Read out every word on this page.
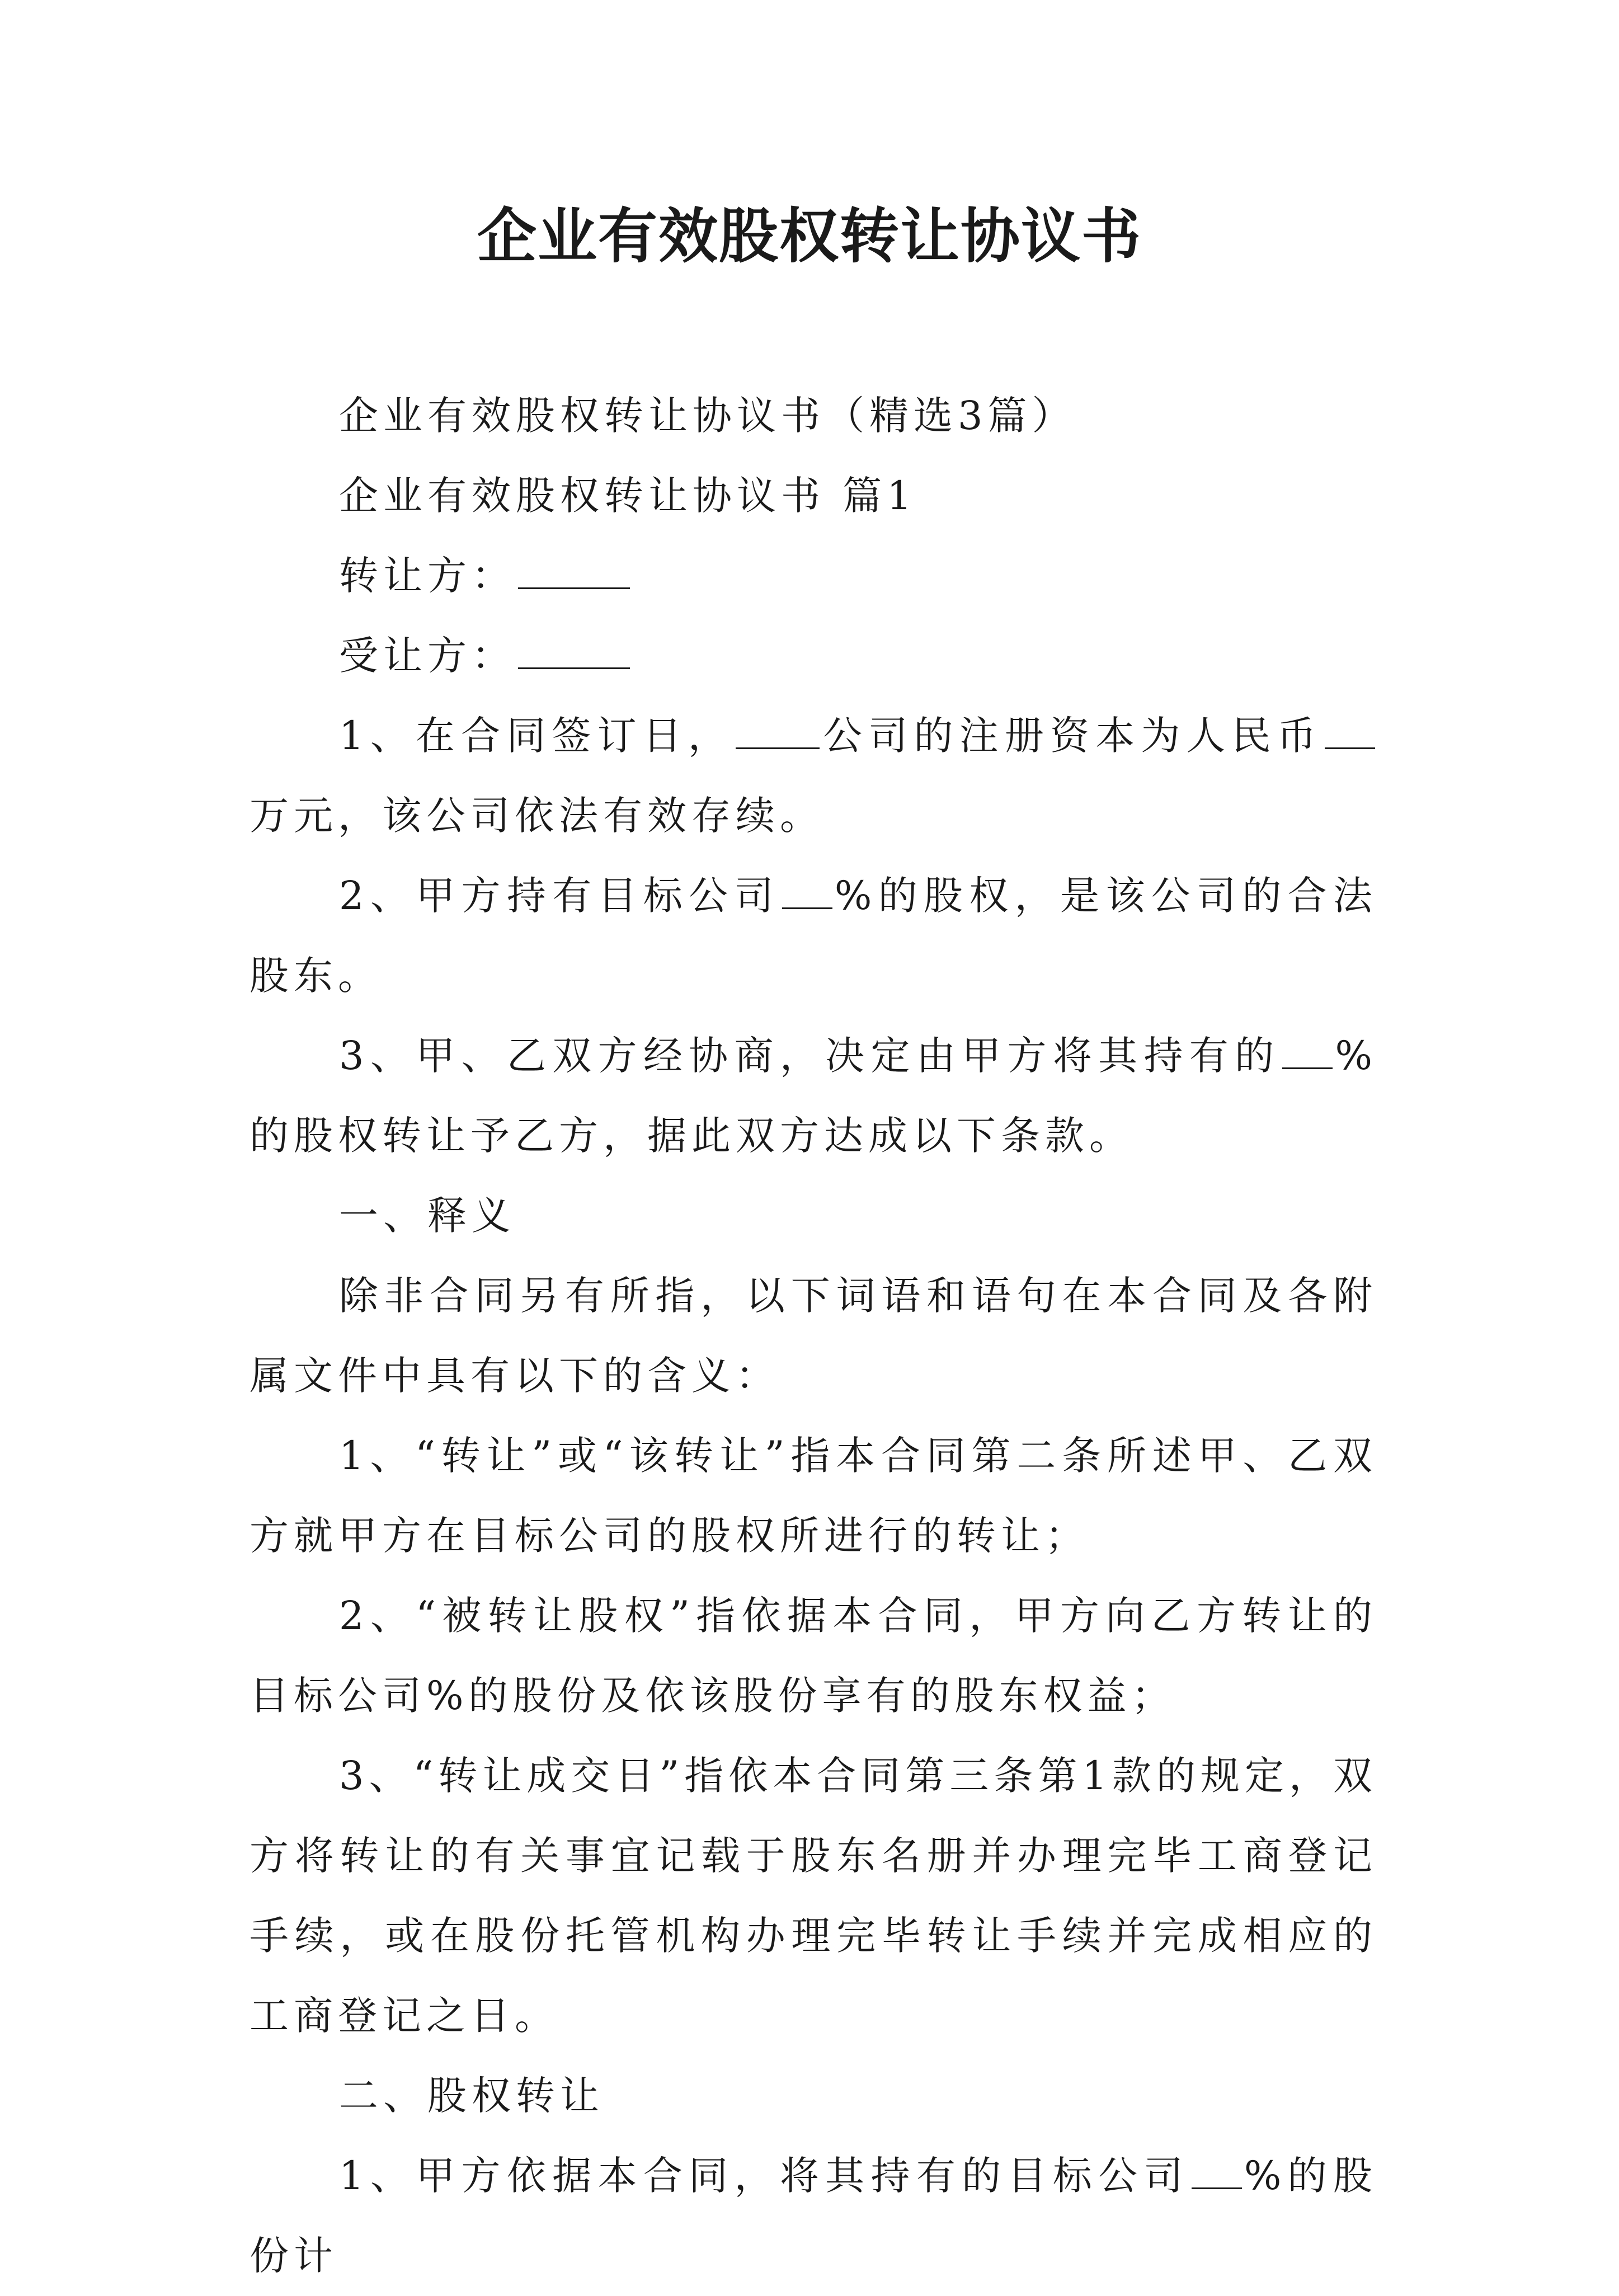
企业有效股权转让协议书

企业有效股权转让协议书（精选3篇）

企业有效股权转让协议书 篇1

转让方：

受让方：

1、在合同签订日， 公司的注册资本为人民币万元，该公司依法有效存续。

2、甲方持有目标公司 %的股权，是该公司的合法股东。

3、甲、乙双方经协商，决定由甲方将其持有的 %的股权转让予乙方，据此双方达成以下条款。

一、释义

除非合同另有所指，以下词语和语句在本合同及各附属文件中具有以下的含义：

1、“转让”或“该转让”指本合同第二条所述甲、乙双方就甲方在目标公司的股权所进行的转让；

2、“被转让股权”指依据本合同，甲方向乙方转让的目标公司%的股份及依该股份享有的股东权益；

3、“转让成交日”指依本合同第三条第1款的规定，双方将转让的有关事宜记载于股东名册并办理完毕工商登记手续，或在股份托管机构办理完毕转让手续并完成相应的工商登记之日。

二、股权转让

1、甲方依据本合同，将其持有的目标公司 %的股份计
